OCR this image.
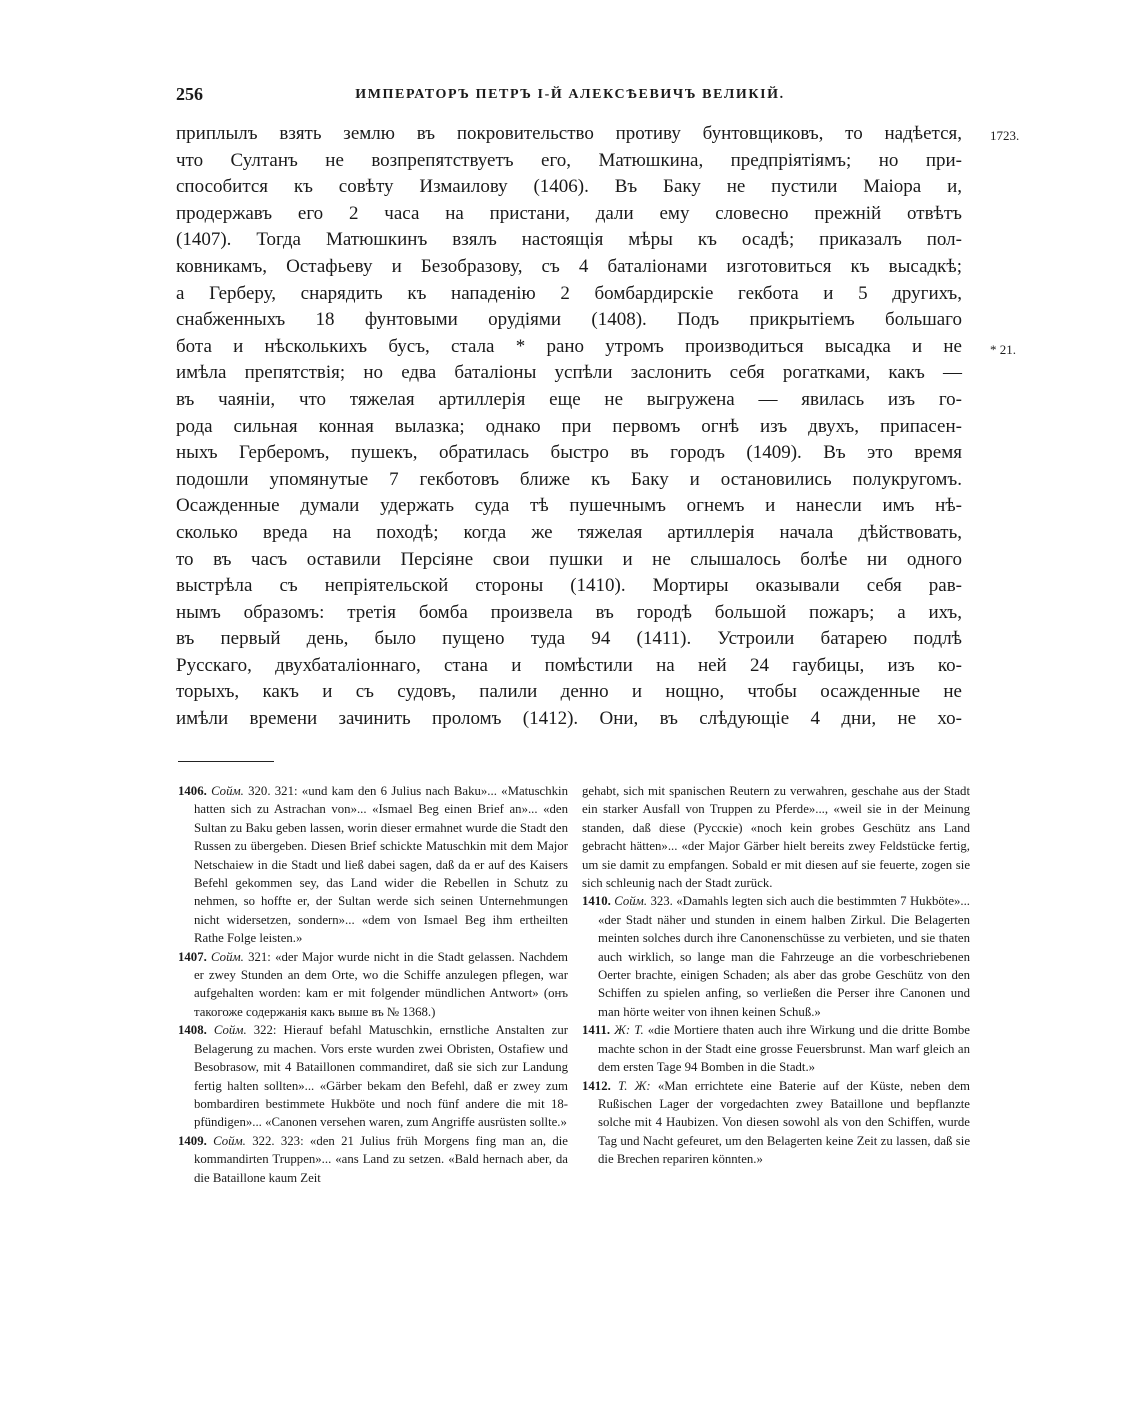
256	ИМПЕРАТОРЪ ПЕТРЪ I-Й АЛЕКСѢЕВИЧЪ ВЕЛИКІЙ.
1723.
* 21.
приплылъ взять землю въ покровительство противу бунтовщиковъ, то надѣется,
что Султанъ не возпрепятствуетъ его, Матюшкина, предпріятіямъ; но при-
способится къ совѣту Измаилову (1406). Въ Баку не пустили Маіора и,
продержавъ его 2 часа на пристани, дали ему словесно прежній отвѣтъ
(1407). Тогда Матюшкинъ взялъ настоящія мѣры къ осадѣ; приказалъ пол-
ковникамъ, Остафьеву и Безобразову, съ 4 баталіонами изготовиться къ высадкѣ;
а Герберу, снарядить къ нападенію 2 бомбардирскіе гекбота и 5 другихъ,
снабженныхъ 18 фунтовыми орудіями (1408). Подъ прикрытіемъ большаго
бота и нѣсколькихъ бусъ, стала * рано утромъ производиться высадка и не
имѣла препятствія; но едва баталіоны успѣли заслонить себя рогатками, какъ —
въ чаяніи, что тяжелая артиллерія еще не выгружена — явилась изъ го-
рода сильная конная вылазка; однако при первомъ огнѣ изъ двухъ, припасен-
ныхъ Герберомъ, пушекъ, обратилась быстро въ городъ (1409). Въ это время
подошли упомянутые 7 гекботовъ ближе къ Баку и остановились полукругомъ.
Осажденные думали удержать суда тѣ пушечнымъ огнемъ и нанесли имъ нѣ-
сколько вреда на походѣ; когда же тяжелая артиллерія начала дѣйствовать,
то въ часъ оставили Персіяне свои пушки и не слышалось болѣе ни одного
выстрѣла съ непріятельской стороны (1410). Мортиры оказывали себя рав-
нымъ образомъ: третія бомба произвела въ городѣ большой пожаръ; а ихъ,
въ первый день, было пущено туда 94 (1411). Устроили батарею подлѣ
Русскаго, двухбаталіоннаго, стана и помѣстили на ней 24 гаубицы, изъ ко-
торыхъ, какъ и съ судовъ, палили денно и нощно, чтобы осажденные не
имѣли времени зачинить проломъ (1412). Они, въ слѣдующіе 4 дни, не хо-

1406. Сойм. 320. 321: «und kam den 6 Julius nach Baku»... «Matuschkin hatten sich zu Astrachan von»... «Ismael Beg einen Brief an»... «den Sultan zu Baku geben lassen, worin dieser ermahnet wurde die Stadt den Russen zu übergeben. Diesen Brief schickte Matuschkin mit dem Major Netschaiew in die Stadt und ließ dabei sagen, daß da er auf des Kaisers Befehl gekommen sey, das Land wider die Rebellen in Schutz zu nehmen, so hoffte er, der Sultan werde sich seinen Unternehmungen nicht widersetzen, sondern»... «dem von Ismael Beg ihm ertheilten Rathe Folge leisten.»

1407. Сойм. 321: «der Major wurde nicht in die Stadt gelassen. Nachdem er zwey Stunden an dem Orte, wo die Schiffe anzulegen pflegen, war aufgehalten worden: kam er mit folgender mündlichen Antwort» (онъ такогоже содержанія какъ выше въ № 1368.)

1408. Сойм. 322: Hierauf befahl Matuschkin, ernstliche Anstalten zur Belagerung zu machen. Vors erste wurden zwei Obristen, Ostafiew und Besobrasow, mit 4 Bataillonen commandiret, daß sie sich zur Landung fertig halten sollten»... «Gärber bekam den Befehl, daß er zwey zum bombardiren bestimmete Hukböte und noch fünf andere die mit 18-pfündigen»... «Canonen versehen waren, zum Angriffe ausrüsten sollte.»

1409. Сойм. 322. 323: «den 21 Julius früh Morgens fing man an, die kommandirten Truppen»... «ans Land zu setzen. «Bald hernach aber, da die Bataillone kaum Zeit

gehabt, sich mit spanischen Reutern zu verwahren, geschahe aus der Stadt ein starker Ausfall von Truppen zu Pferde»..., «weil sie in der Meinung standen, daß diese (Русскіе) «noch kein grobes Geschütz ans Land gebracht hätten»... «der Major Gärber hielt bereits zwey Feldstücke fertig, um sie damit zu empfangen. Sobald er mit diesen auf sie feuerte, zogen sie sich schleunig nach der Stadt zurück.

1410. Сойм. 323. «Damahls legten sich auch die bestimmten 7 Hukböte»... «der Stadt näher und stunden in einem halben Zirkul. Die Belagerten meinten solches durch ihre Canonenschüsse zu verbieten, und sie thaten auch wirklich, so lange man die Fahrzeuge an die vorbeschriebenen Oerter brachte, einigen Schaden; als aber das grobe Geschütz von den Schiffen zu spielen anfing, so verließen die Perser ihre Canonen und man hörte weiter von ihnen keinen Schuß.»

1411. Ж: Т. «die Mortiere thaten auch ihre Wirkung und die dritte Bombe machte schon in der Stadt eine grosse Feuersbrunst. Man warf gleich an dem ersten Tage 94 Bomben in die Stadt.»

1412. Т. Ж: «Man errichtete eine Baterie auf der Küste, neben dem Rußischen Lager der vorgedachten zwey Bataillone und bepflanzte solche mit 4 Haubizen. Von diesen sowohl als von den Schiffen, wurde Tag und Nacht gefeuret, um den Belagerten keine Zeit zu lassen, daß sie die Brechen repariren könnten.»
